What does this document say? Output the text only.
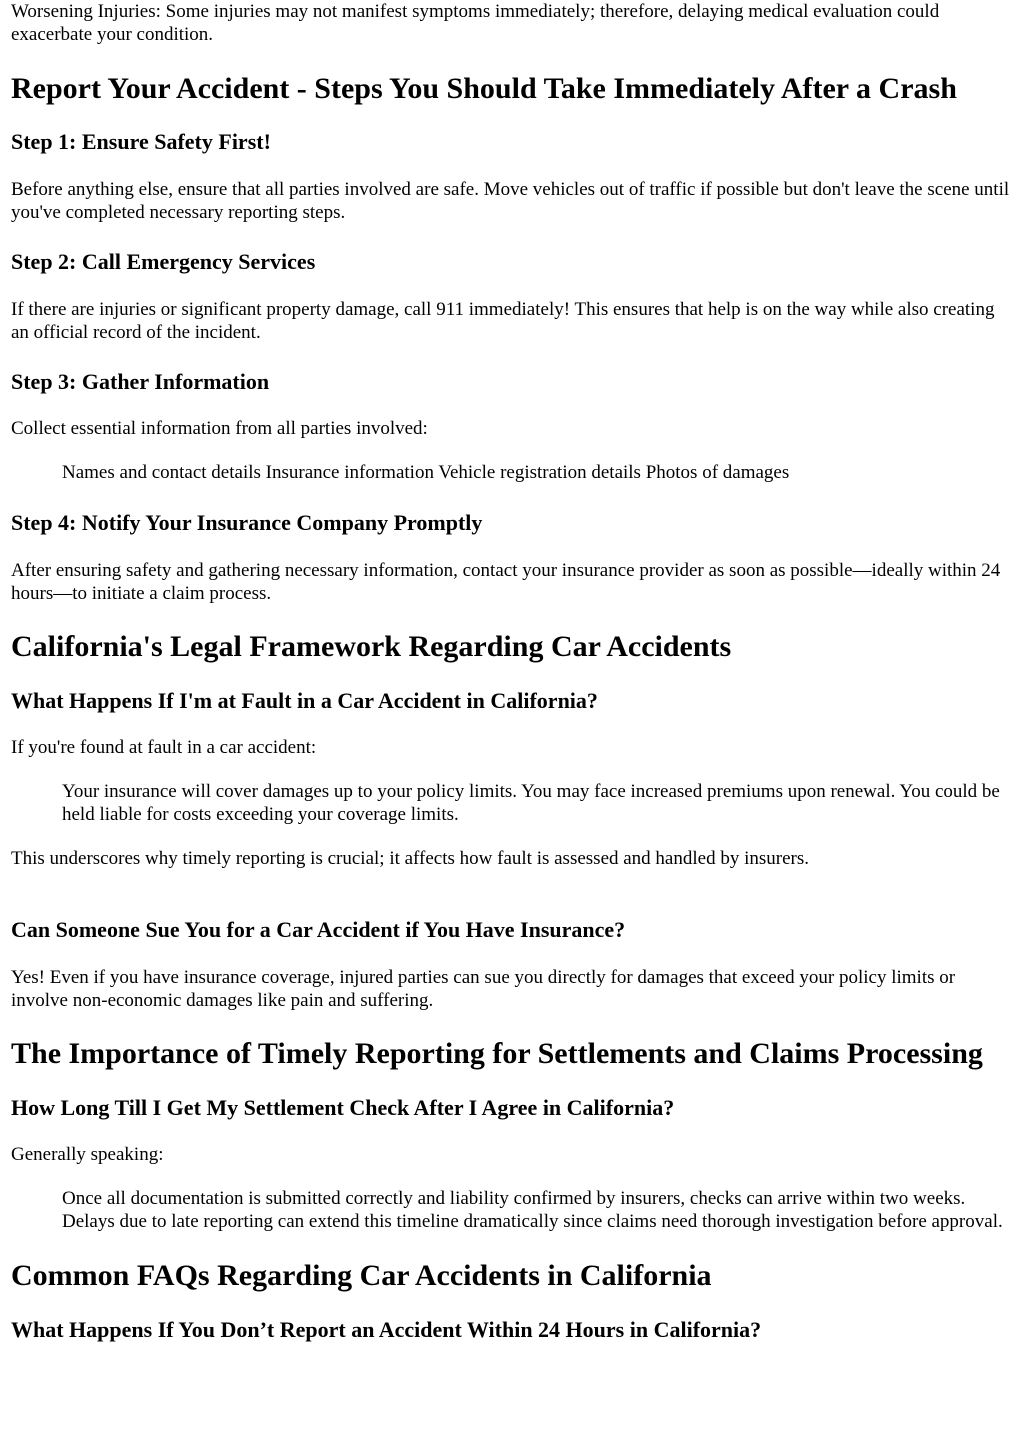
Worsening Injuries: Some injuries may not manifest symptoms immediately; therefore, delaying medical evaluation could exacerbate your condition.

Report Your Accident - Steps You Should Take Immediately After a Crash
Step 1: Ensure Safety First!

Before anything else, ensure that all parties involved are safe. Move vehicles out of traffic if possible but don't leave the scene until you've completed necessary reporting steps.

Step 2: Call Emergency Services

If there are injuries or significant property damage, call 911 immediately! This ensures that help is on the way while also creating an official record of the incident.

Step 3: Gather Information

Collect essential information from all parties involved:

Names and contact details Insurance information Vehicle registration details Photos of damages

Step 4: Notify Your Insurance Company Promptly

After ensuring safety and gathering necessary information, contact your insurance provider as soon as possible—ideally within 24 hours—to initiate a claim process.

California's Legal Framework Regarding Car Accidents
What Happens If I'm at Fault in a Car Accident in California?

If you're found at fault in a car accident:

Your insurance will cover damages up to your policy limits. You may face increased premiums upon renewal. You could be held liable for costs exceeding your coverage limits.

This underscores why timely reporting is crucial; it affects how fault is assessed and handled by insurers.

Can Someone Sue You for a Car Accident if You Have Insurance?

Yes! Even if you have insurance coverage, injured parties can sue you directly for damages that exceed your policy limits or involve non-economic damages like pain and suffering.

The Importance of Timely Reporting for Settlements and Claims Processing
How Long Till I Get My Settlement Check After I Agree in California?

Generally speaking:

Once all documentation is submitted correctly and liability confirmed by insurers, checks can arrive within two weeks. Delays due to late reporting can extend this timeline dramatically since claims need thorough investigation before approval.

Common FAQs Regarding Car Accidents in California
What Happens If You Don’t Report an Accident Within 24 Hours in California?
